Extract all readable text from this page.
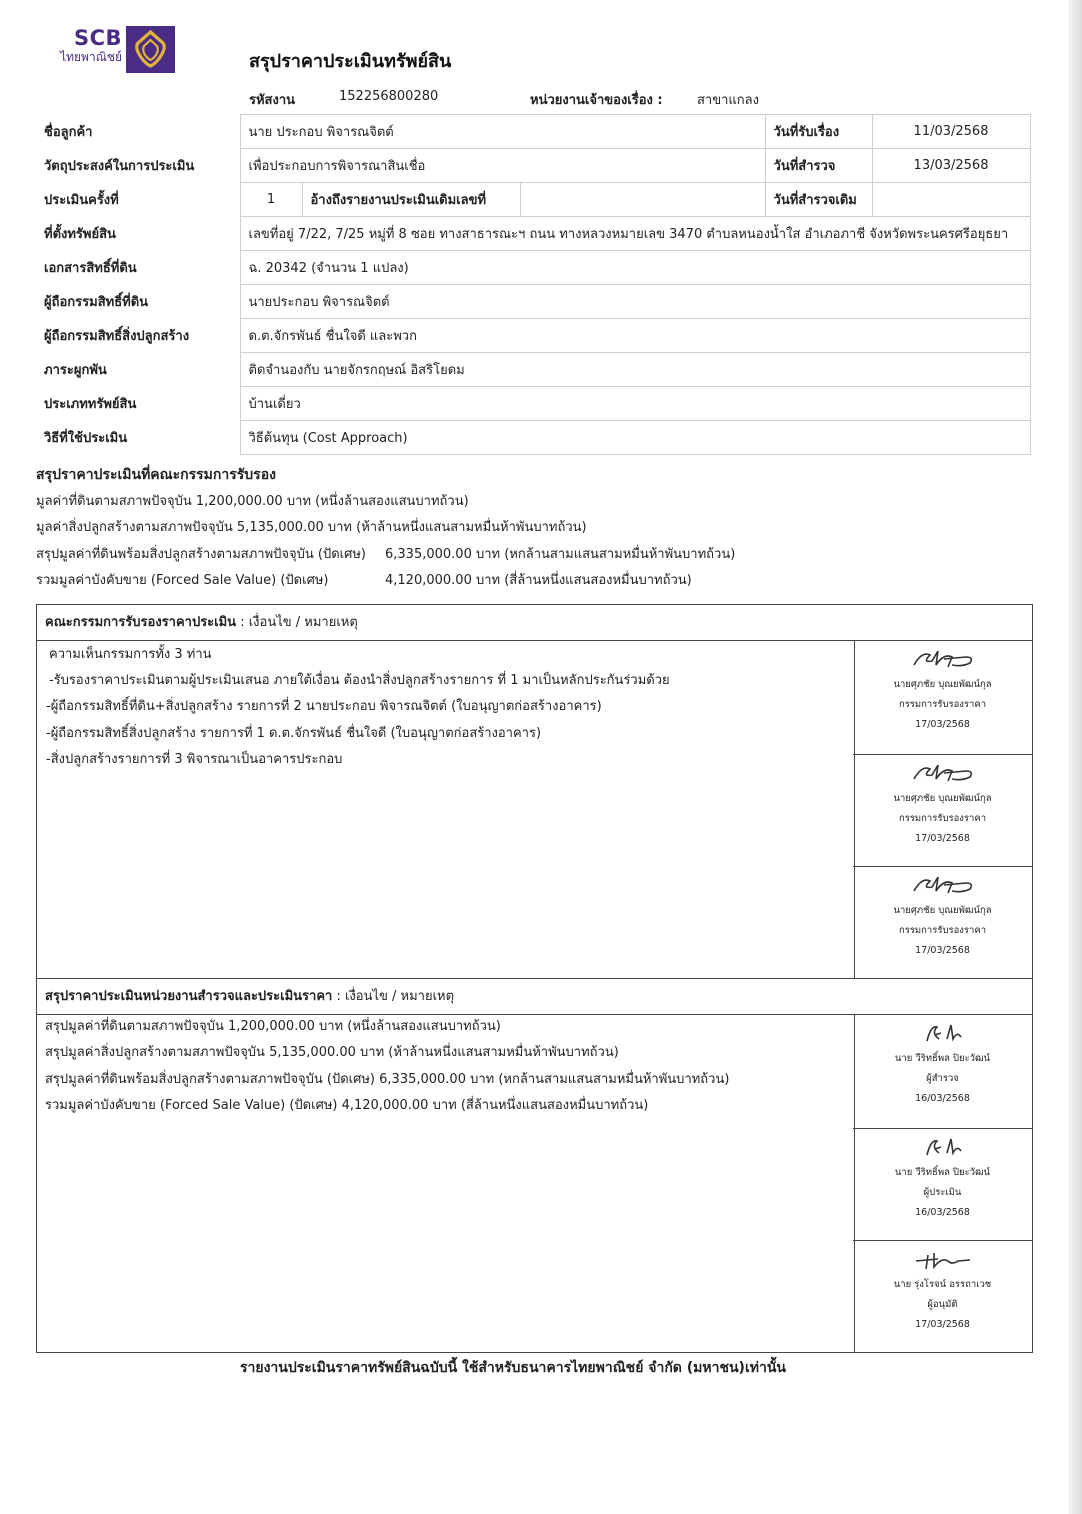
SCB
ไทยพาณิชย์	สรุปราคาประเมินทรัพย์สิน
รหัสงาน	152256800280	หน่วยงานเจ้าของเรื่อง :	สาขาแกลง
ชื่อลูกค้า	นาย ประกอบ พิจารณจิตต์			วันที่รับเรื่อง	11/03/2568
วัตถุประสงค์ในการประเมิน	เพื่อประกอบการพิจารณาสินเชื่อ			วันที่สำรวจ	13/03/2568
ประเมินครั้งที่	1	อ้างถึงรายงานประเมินเดิมเลขที่		วันที่สำรวจเดิม	
ที่ตั้งทรัพย์สิน	เลขที่อยู่ 7/22, 7/25 หมู่ที่ 8 ซอย ทางสาธารณะฯ ถนน ทางหลวงหมายเลข 3470 ตำบลหนองน้ำใส อำเภอภาชี จังหวัดพระนครศรีอยุธยา				
เอกสารสิทธิ์ที่ดิน	ฉ. 20342 (จำนวน 1 แปลง)				
ผู้ถือกรรมสิทธิ์ที่ดิน	นายประกอบ พิจารณจิตต์				
ผู้ถือกรรมสิทธิ์สิ่งปลูกสร้าง	ด.ต.จักรพันธ์ ชื่นใจดี และพวก				
ภาระผูกพัน	ติดจำนองกับ นายจักรกฤษณ์ อิสริโยดม				
ประเภททรัพย์สิน	บ้านเดี่ยว				
วิธีที่ใช้ประเมิน	วิธีต้นทุน (Cost Approach)				
สรุปราคาประเมินที่คณะกรรมการรับรอง
มูลค่าที่ดินตามสภาพปัจจุบัน 1,200,000.00 บาท (หนึ่งล้านสองแสนบาทถ้วน)
มูลค่าสิ่งปลูกสร้างตามสภาพปัจจุบัน 5,135,000.00 บาท (ห้าล้านหนึ่งแสนสามหมื่นห้าพันบาทถ้วน)
สรุปมูลค่าที่ดินพร้อมสิ่งปลูกสร้างตามสภาพปัจจุบัน (ปัดเศษ) 6,335,000.00 บาท (หกล้านสามแสนสามหมื่นห้าพันบาทถ้วน)
รวมมูลค่าบังคับขาย (Forced Sale Value) (ปัดเศษ)	4,120,000.00 บาท (สี่ล้านหนึ่งแสนสองหมื่นบาทถ้วน)
คณะกรรมการรับรองราคาประเมิน : เงื่อนไข / หมายเหตุ
ความเห็นกรรมการทั้ง 3 ท่าน
-รับรองราคาประเมินตามผู้ประเมินเสนอ ภายใต้เงื่อน ต้องนำสิ่งปลูกสร้างรายการ ที่ 1 มาเป็นหลักประกันร่วมด้วย
-ผู้ถือกรรมสิทธิ์ที่ดิน+สิ่งปลูกสร้าง รายการที่ 2 นายประกอบ พิจารณจิตต์ (ใบอนุญาตก่อสร้างอาคาร)
-ผู้ถือกรรมสิทธิ์สิ่งปลูกสร้าง รายการที่ 1 ด.ต.จักรพันธ์ ชื่นใจดี (ใบอนุญาตก่อสร้างอาคาร)
-สิ่งปลูกสร้างรายการที่ 3 พิจารณาเป็นอาคารประกอบ
นายศุภชัย บุณยพัฒน์กุล
กรรมการรับรองราคา
17/03/2568
นายศุภชัย บุณยพัฒน์กุล
กรรมการรับรองราคา
17/03/2568
นายศุภชัย บุณยพัฒน์กุล
กรรมการรับรองราคา
17/03/2568
สรุปราคาประเมินหน่วยงานสำรวจและประเมินราคา : เงื่อนไข / หมายเหตุ
สรุปมูลค่าที่ดินตามสภาพปัจจุบัน 1,200,000.00 บาท (หนึ่งล้านสองแสนบาทถ้วน)
สรุปมูลค่าสิ่งปลูกสร้างตามสภาพปัจจุบัน 5,135,000.00 บาท (ห้าล้านหนึ่งแสนสามหมื่นห้าพันบาทถ้วน)
สรุปมูลค่าที่ดินพร้อมสิ่งปลูกสร้างตามสภาพปัจจุบัน (ปัดเศษ) 6,335,000.00 บาท (หกล้านสามแสนสามหมื่นห้าพันบาทถ้วน)
รวมมูลค่าบังคับขาย (Forced Sale Value) (ปัดเศษ) 4,120,000.00 บาท (สี่ล้านหนึ่งแสนสองหมื่นบาทถ้วน)
นาย วีริทธิ์พล ปิยะวัฒน์
ผู้สำรวจ
16/03/2568
นาย วีริทธิ์พล ปิยะวัฒน์
ผู้ประเมิน
16/03/2568
นาย รุ่งโรจน์ อรรถาเวช
ผู้อนุมัติ
17/03/2568
รายงานประเมินราคาทรัพย์สินฉบับนี้ ใช้สำหรับธนาคารไทยพาณิชย์ จำกัด (มหาชน)เท่านั้น
